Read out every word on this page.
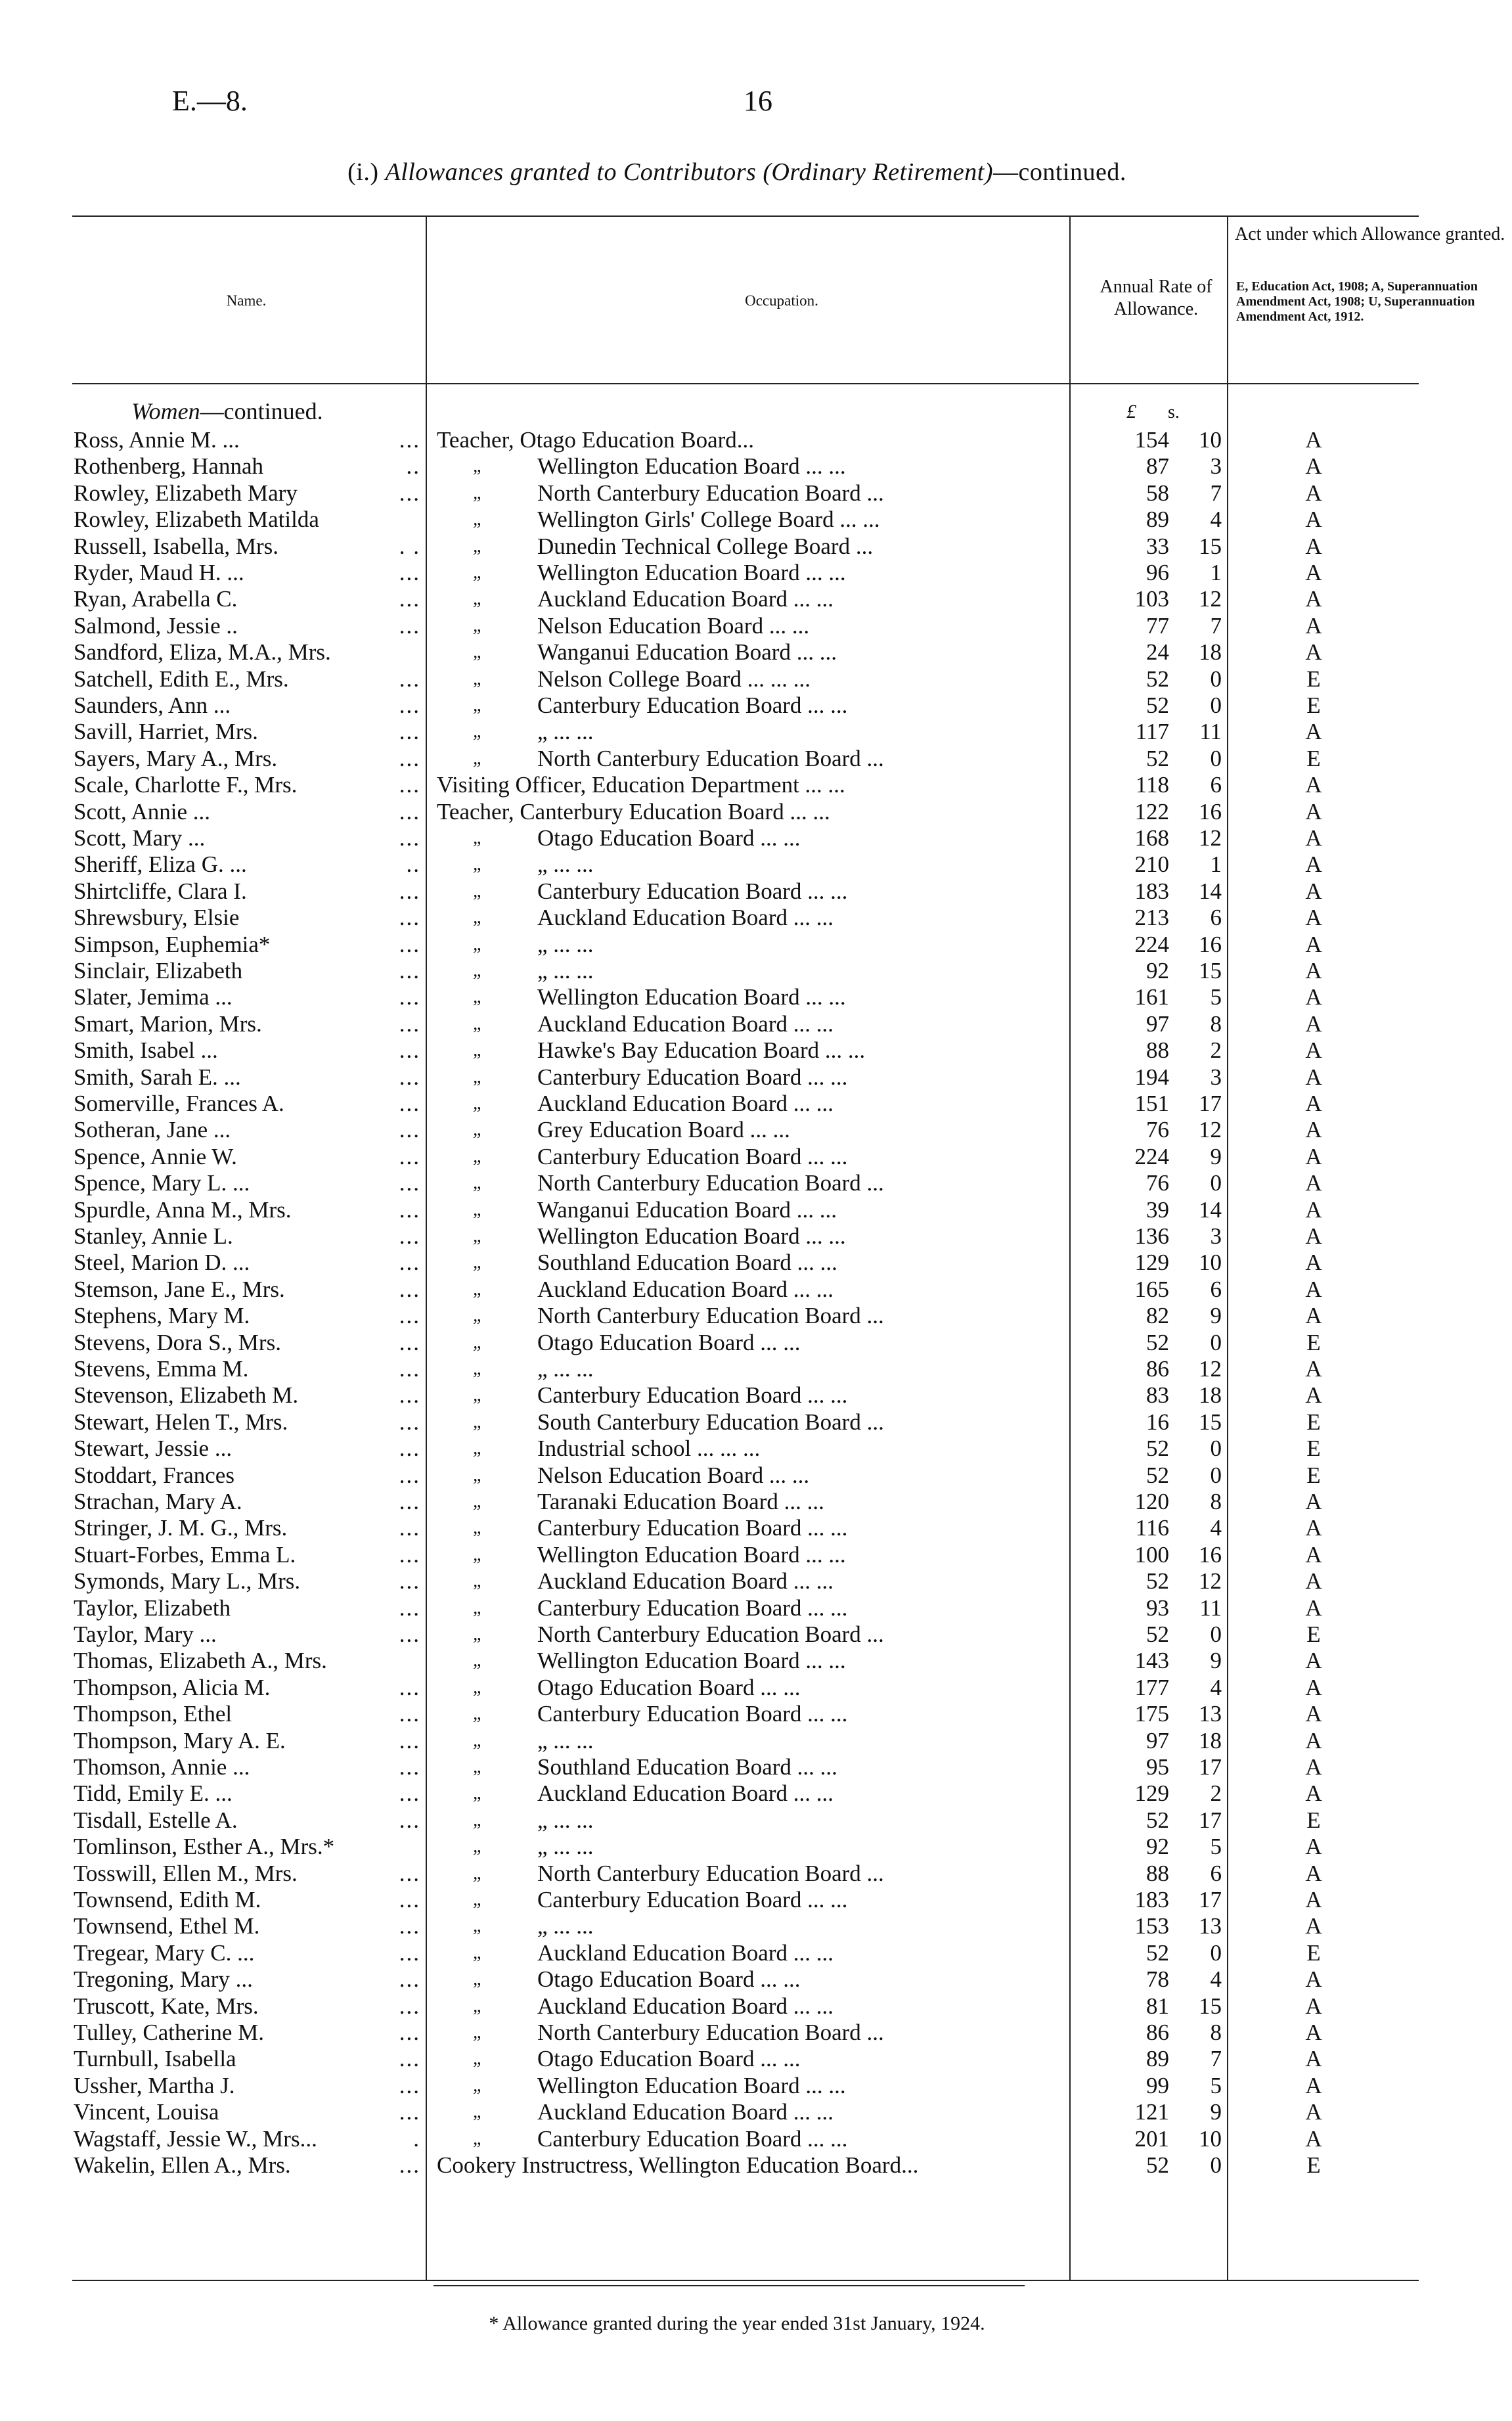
E.—8.	16
(i.) Allowances granted to Contributors (Ordinary Retirement)—continued.
Name.	Occupation.
Annual Rate of Allowance.
Act under which Allowance granted.
E, Education Act, 1908; A, Superannuation Amendment Act, 1908; U, Superannuation Amendment Act, 1912.
Women—continued.	£ s.
Ross, Annie M. ...	... Teacher, Otago Education Board...	154	10	A
Rothenberg, Hannah	..	„	Wellington Education Board ... ...	87	3	A
Rowley, Elizabeth Mary	...	„	North Canterbury Education Board ...	58	7	A
Rowley, Elizabeth Matilda	„	Wellington Girls' College Board ... ...	89	4	A
Russell, Isabella, Mrs.	. .	„	Dunedin Technical College Board ...	33	15	A
Ryder, Maud H. ...	...	„	Wellington Education Board ... ...	96	1	A
Ryan, Arabella C.	...	„	Auckland Education Board ... ...	103	12	A
Salmond, Jessie ..	...	„	Nelson Education Board ... ...	77	7	A
Sandford, Eliza, M.A., Mrs.	„	Wanganui Education Board ... ...	24	18	A
Satchell, Edith E., Mrs.	...	„	Nelson College Board ... ... ...	52	0	E
Saunders, Ann ...	...	„	Canterbury Education Board ... ...	52	0	E
Savill, Harriet, Mrs.	...	„	„ ... ...	117	11	A
Sayers, Mary A., Mrs.	...	„	North Canterbury Education Board ...	52	0	E
Scale, Charlotte F., Mrs.	... Visiting Officer, Education Department ... ...	118	6	A
Scott, Annie ...	... Teacher, Canterbury Education Board ... ...	122	16	A
Scott, Mary ...	...	„	Otago Education Board ... ...	168	12	A
Sheriff, Eliza G. ...	..	„	„ ... ...	210	1	A
Shirtcliffe, Clara I.	...	„	Canterbury Education Board ... ...	183	14	A
Shrewsbury, Elsie	...	„	Auckland Education Board ... ...	213	6	A
Simpson, Euphemia*	...	„	„ ... ...	224	16	A
Sinclair, Elizabeth	...	„	„ ... ...	92	15	A
Slater, Jemima ...	...	„	Wellington Education Board ... ...	161	5	A
Smart, Marion, Mrs.	...	„	Auckland Education Board ... ...	97	8	A
Smith, Isabel ...	...	„	Hawke's Bay Education Board ... ...	88	2	A
Smith, Sarah E. ...	...	„	Canterbury Education Board ... ...	194	3	A
Somerville, Frances A.	...	„	Auckland Education Board ... ...	151	17	A
Sotheran, Jane ...	...	„	Grey Education Board ... ...	76	12	A
Spence, Annie W.	...	„	Canterbury Education Board ... ...	224	9	A
Spence, Mary L. ...	...	„	North Canterbury Education Board ...	76	0	A
Spurdle, Anna M., Mrs.	...	„	Wanganui Education Board ... ...	39	14	A
Stanley, Annie L.	...	„	Wellington Education Board ... ...	136	3	A
Steel, Marion D. ...	...	„	Southland Education Board ... ...	129	10	A
Stemson, Jane E., Mrs.	...	„	Auckland Education Board ... ...	165	6	A
Stephens, Mary M.	...	„	North Canterbury Education Board ...	82	9	A
Stevens, Dora S., Mrs.	...	„	Otago Education Board ... ...	52	0	E
Stevens, Emma M.	...	„	„ ... ...	86	12	A
Stevenson, Elizabeth M.	...	„	Canterbury Education Board ... ...	83	18	A
Stewart, Helen T., Mrs.	...	„	South Canterbury Education Board ...	16	15	E
Stewart, Jessie ...	...	„	Industrial school ... ... ...	52	0	E
Stoddart, Frances	...	„	Nelson Education Board ... ...	52	0	E
Strachan, Mary A.	...	„	Taranaki Education Board ... ...	120	8	A
Stringer, J. M. G., Mrs.	...	„	Canterbury Education Board ... ...	116	4	A
Stuart-Forbes, Emma L.	...	„	Wellington Education Board ... ...	100	16	A
Symonds, Mary L., Mrs.	...	„	Auckland Education Board ... ...	52	12	A
Taylor, Elizabeth	...	„	Canterbury Education Board ... ...	93	11	A
Taylor, Mary ...	...	„	North Canterbury Education Board ...	52	0	E
Thomas, Elizabeth A., Mrs.	„	Wellington Education Board ... ...	143	9	A
Thompson, Alicia M.	...	„	Otago Education Board ... ...	177	4	A
Thompson, Ethel	...	„	Canterbury Education Board ... ...	175	13	A
Thompson, Mary A. E.	...	„	„ ... ...	97	18	A
Thomson, Annie ...	...	„	Southland Education Board ... ...	95	17	A
Tidd, Emily E. ...	...	„	Auckland Education Board ... ...	129	2	A
Tisdall, Estelle A.	...	„	„ ... ...	52	17	E
Tomlinson, Esther A., Mrs.*	„	„ ... ...	92	5	A
Tosswill, Ellen M., Mrs.	...	„	North Canterbury Education Board ...	88	6	A
Townsend, Edith M.	...	„	Canterbury Education Board ... ...	183	17	A
Townsend, Ethel M.	...	„	„ ... ...	153	13	A
Tregear, Mary C. ...	...	„	Auckland Education Board ... ...	52	0	E
Tregoning, Mary ...	...	„	Otago Education Board ... ...	78	4	A
Truscott, Kate, Mrs.	...	„	Auckland Education Board ... ...	81	15	A
Tulley, Catherine M.	...	„	North Canterbury Education Board ...	86	8	A
Turnbull, Isabella	...	„	Otago Education Board ... ...	89	7	A
Ussher, Martha J.	...	„	Wellington Education Board ... ...	99	5	A
Vincent, Louisa	...	„	Auckland Education Board ... ...	121	9	A
Wagstaff, Jessie W., Mrs...	.	„	Canterbury Education Board ... ...	201	10	A
Wakelin, Ellen A., Mrs.	... Cookery Instructress, Wellington Education Board...	52	0	E
* Allowance granted during the year ended 31st January, 1924.
